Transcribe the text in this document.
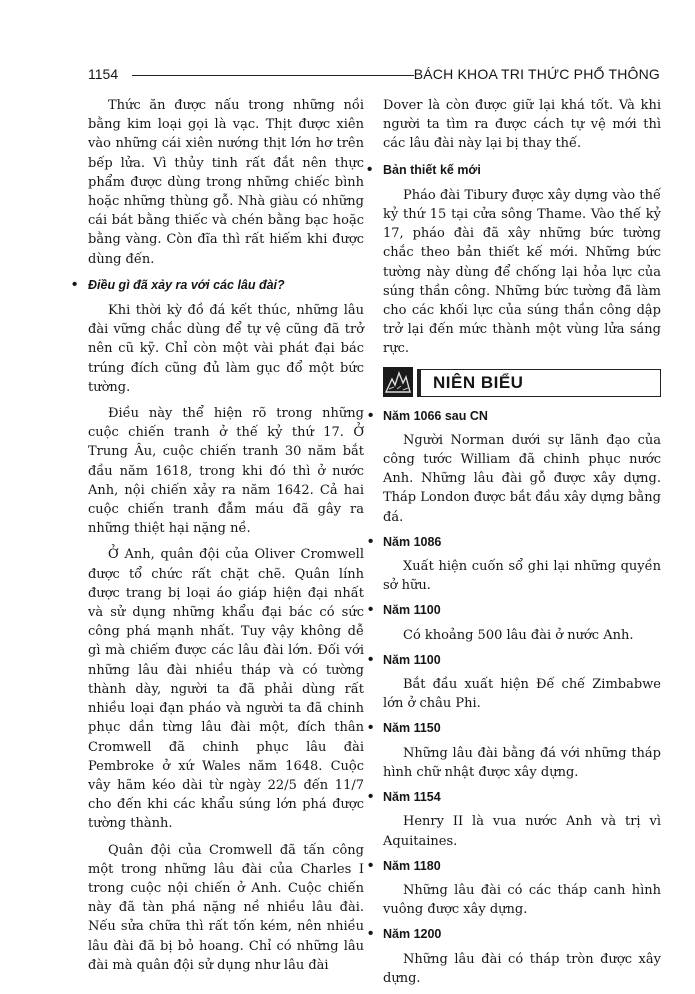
1154	BÁCH KHOA TRI THỨC PHỔ THÔNG

Thức ăn được nấu trong những nồi bằng kim loại gọi là vạc. Thịt được xiên vào những cái xiên nướng thịt lớn hơ trên bếp lửa. Vì thủy tinh rất đắt nên thực phẩm được dùng trong những chiếc bình hoặc những thùng gỗ. Nhà giàu có những cái bát bằng thiếc và chén bằng bạc hoặc bằng vàng. Còn đĩa thì rất hiếm khi được dùng đến.

• Điều gì đã xảy ra với các lâu đài?

Khi thời kỳ đồ đá kết thúc, những lâu đài vững chắc dùng để tự vệ cũng đã trở nên cũ kỹ. Chỉ còn một vài phát đại bác trúng đích cũng đủ làm gục đổ một bức tường.

Điều này thể hiện rõ trong những cuộc chiến tranh ở thế kỷ thứ 17. Ở Trung Âu, cuộc chiến tranh 30 năm bắt đầu năm 1618, trong khi đó thì ở nước Anh, nội chiến xảy ra năm 1642. Cả hai cuộc chiến tranh đẫm máu đã gây ra những thiệt hại nặng nề.

Ở Anh, quân đội của Oliver Cromwell được tổ chức rất chặt chẽ. Quân lính được trang bị loại áo giáp hiện đại nhất và sử dụng những khẩu đại bác có sức công phá mạnh nhất. Tuy vậy không dễ gì mà chiếm được các lâu đài lớn. Đối với những lâu đài nhiều tháp và có tường thành dày, người ta đã phải dùng rất nhiều loại đạn pháo và người ta đã chinh phục dần từng lâu đài một, đích thân Cromwell đã chinh phục lâu đài Pembroke ở xứ Wales năm 1648. Cuộc vây hãm kéo dài từ ngày 22/5 đến 11/7 cho đến khi các khẩu súng lớn phá được tường thành.

Quân đội của Cromwell đã tấn công một trong những lâu đài của Charles I trong cuộc nội chiến ở Anh. Cuộc chiến này đã tàn phá nặng nề nhiều lâu đài. Nếu sửa chữa thì rất tốn kém, nên nhiều lâu đài đã bị bỏ hoang. Chỉ có những lâu đài mà quân đội sử dụng như lâu đài

Dover là còn được giữ lại khá tốt. Và khi người ta tìm ra được cách tự vệ mới thì các lâu đài này lại bị thay thế.

• Bản thiết kế mới

Pháo đài Tibury được xây dựng vào thế kỷ thứ 15 tại cửa sông Thame. Vào thế kỷ 17, pháo đài đã xây những bức tường chắc theo bản thiết kế mới. Những bức tường này dùng để chống lại hỏa lực của súng thần công. Những bức tường đã làm cho các khối lực của súng thần công dập trở lại đến mức thành một vùng lửa sáng rực.

NIÊN BIỂU
• Năm 1066 sau CN

Người Norman dưới sự lãnh đạo của công tước William đã chinh phục nước Anh. Những lâu đài gỗ được xây dựng. Tháp London được bắt đầu xây dựng bằng đá.

• Năm 1086

Xuất hiện cuốn sổ ghi lại những quyền sở hữu.

• Năm 1100

Có khoảng 500 lâu đài ở nước Anh.

• Năm 1100

Bắt đầu xuất hiện Đế chế Zimbabwe lớn ở châu Phi.

• Năm 1150

Những lâu đài bằng đá với những tháp hình chữ nhật được xây dựng.

• Năm 1154

Henry II là vua nước Anh và trị vì Aquitaines.

• Năm 1180

Những lâu đài có các tháp canh hình vuông được xây dựng.

• Năm 1200

Những lâu đài có tháp tròn được xây dựng.
